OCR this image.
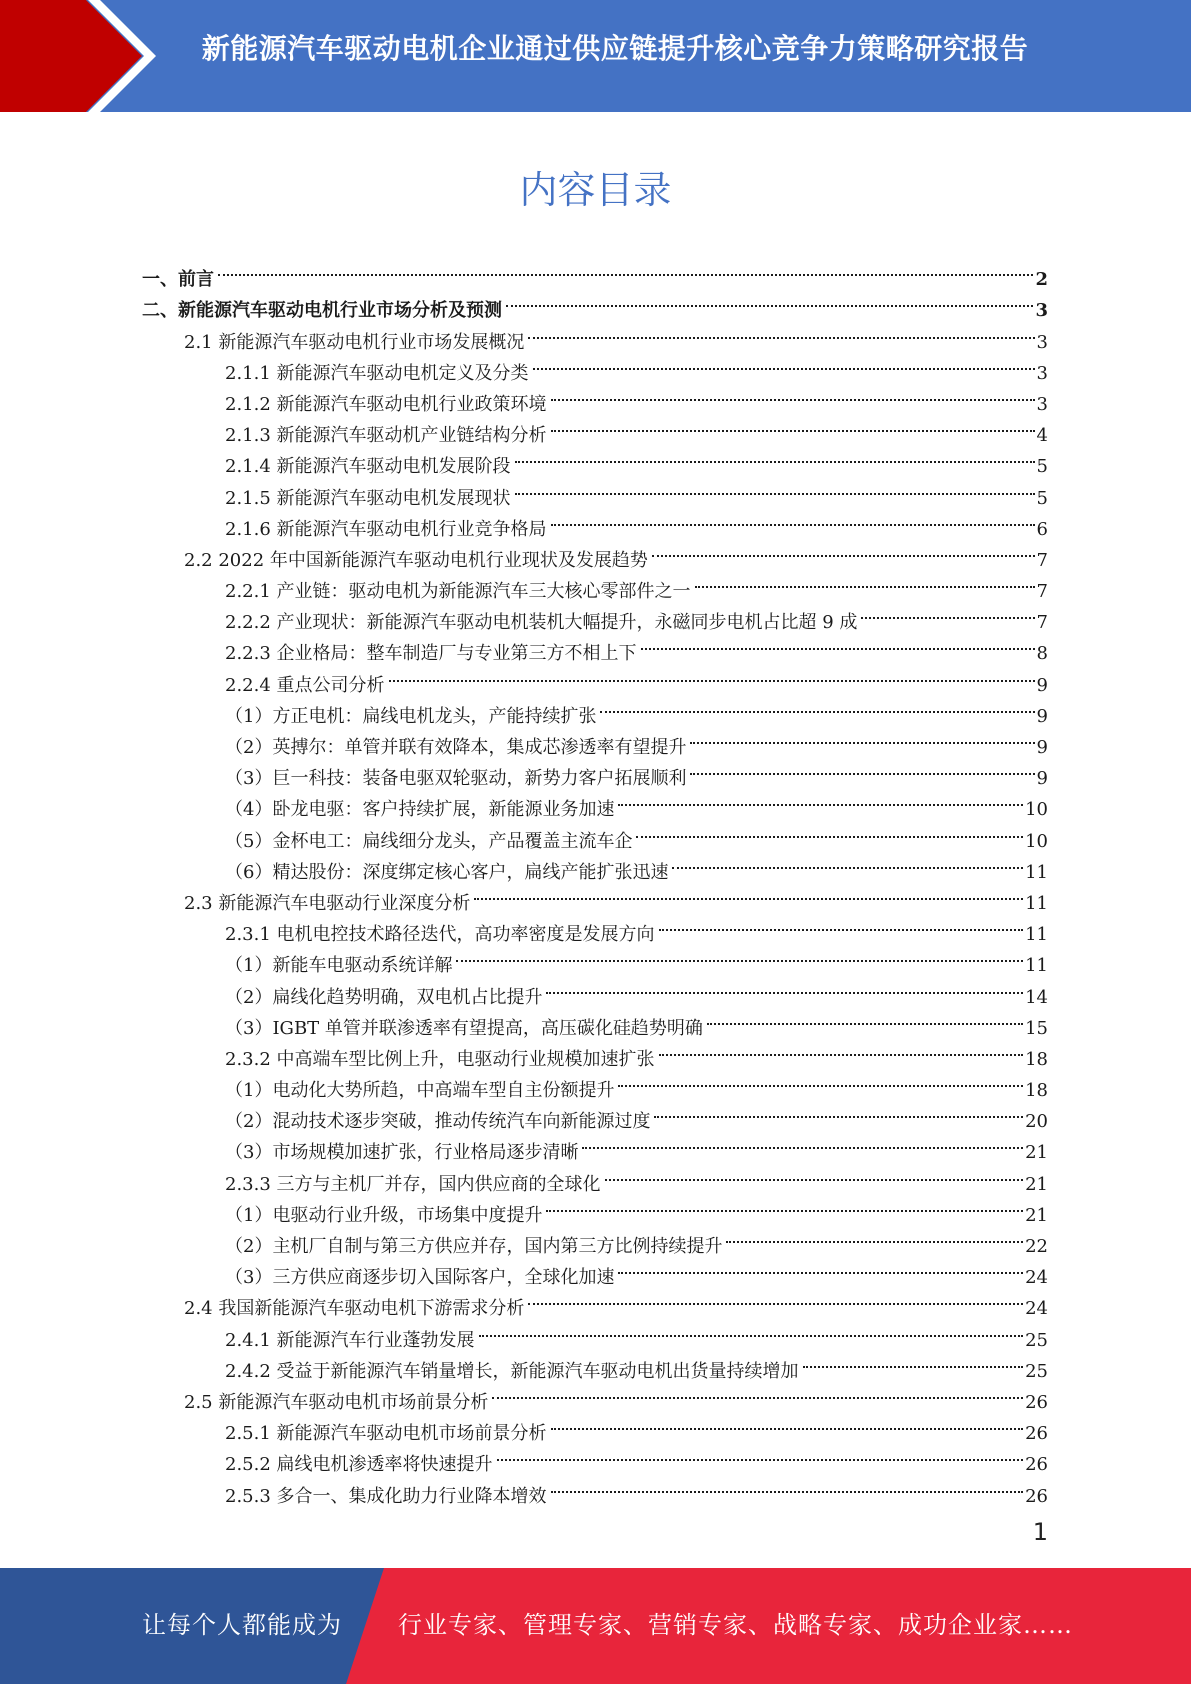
新能源汽车驱动电机企业通过供应链提升核心竞争力策略研究报告
内容目录
一、前言	2
二、新能源汽车驱动电机行业市场分析及预测	3
2.1 新能源汽车驱动电机行业市场发展概况	3
2.1.1 新能源汽车驱动电机定义及分类	3
2.1.2 新能源汽车驱动电机行业政策环境	3
2.1.3 新能源汽车驱动机产业链结构分析	4
2.1.4 新能源汽车驱动电机发展阶段	5
2.1.5 新能源汽车驱动电机发展现状	5
2.1.6 新能源汽车驱动电机行业竞争格局	6
2.2 2022 年中国新能源汽车驱动电机行业现状及发展趋势	7
2.2.1 产业链：驱动电机为新能源汽车三大核心零部件之一	7
2.2.2 产业现状：新能源汽车驱动电机装机大幅提升，永磁同步电机占比超 9 成	7
2.2.3 企业格局：整车制造厂与专业第三方不相上下	8
2.2.4 重点公司分析	9
（1）方正电机：扁线电机龙头，产能持续扩张	9
（2）英搏尔：单管并联有效降本，集成芯渗透率有望提升	9
（3）巨一科技：装备电驱双轮驱动，新势力客户拓展顺利	9
（4）卧龙电驱：客户持续扩展，新能源业务加速	10
（5）金杯电工：扁线细分龙头，产品覆盖主流车企	10
（6）精达股份：深度绑定核心客户，扁线产能扩张迅速	11
2.3 新能源汽车电驱动行业深度分析	11
2.3.1 电机电控技术路径迭代，高功率密度是发展方向	11
（1）新能车电驱动系统详解	11
（2）扁线化趋势明确，双电机占比提升	14
（3）IGBT 单管并联渗透率有望提高，高压碳化硅趋势明确	15
2.3.2 中高端车型比例上升，电驱动行业规模加速扩张	18
（1）电动化大势所趋，中高端车型自主份额提升	18
（2）混动技术逐步突破，推动传统汽车向新能源过度	20
（3）市场规模加速扩张，行业格局逐步清晰	21
2.3.3 三方与主机厂并存，国内供应商的全球化	21
（1）电驱动行业升级，市场集中度提升	21
（2）主机厂自制与第三方供应并存，国内第三方比例持续提升	22
（3）三方供应商逐步切入国际客户，全球化加速	24
2.4 我国新能源汽车驱动电机下游需求分析	24
2.4.1 新能源汽车行业蓬勃发展	25
2.4.2 受益于新能源汽车销量增长，新能源汽车驱动电机出货量持续增加	25
2.5 新能源汽车驱动电机市场前景分析	26
2.5.1 新能源汽车驱动电机市场前景分析	26
2.5.2 扁线电机渗透率将快速提升	26
2.5.3 多合一、集成化助力行业降本增效	26
1
让每个人都能成为 行业专家、管理专家、营销专家、战略专家、成功企业家……
